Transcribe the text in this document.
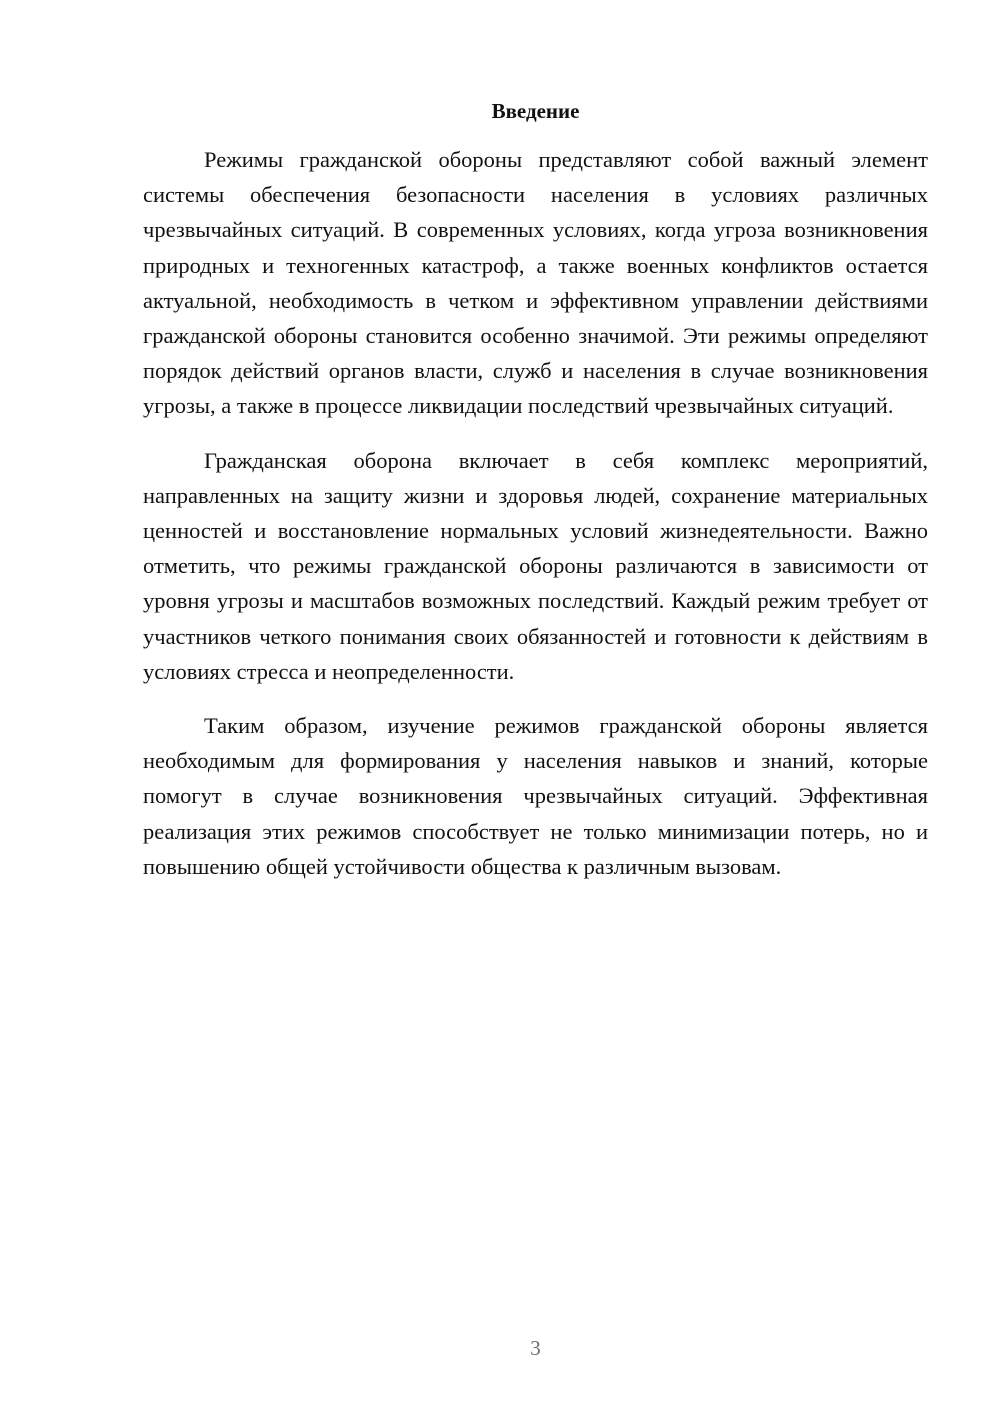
Введение

Режимы гражданской обороны представляют собой важный элемент системы обеспечения безопасности населения в условиях различных чрезвычайных ситуаций. В современных условиях, когда угроза возникновения природных и техногенных катастроф, а также военных конфликтов остается актуальной, необходимость в четком и эффективном управлении действиями гражданской обороны становится особенно значимой. Эти режимы определяют порядок действий органов власти, служб и населения в случае возникновения угрозы, а также в процессе ликвидации последствий чрезвычайных ситуаций.

Гражданская оборона включает в себя комплекс мероприятий, направленных на защиту жизни и здоровья людей, сохранение материальных ценностей и восстановление нормальных условий жизнедеятельности. Важно отметить, что режимы гражданской обороны различаются в зависимости от уровня угрозы и масштабов возможных последствий. Каждый режим требует от участников четкого понимания своих обязанностей и готовности к действиям в условиях стресса и неопределенности.

Таким образом, изучение режимов гражданской обороны является необходимым для формирования у населения навыков и знаний, которые помогут в случае возникновения чрезвычайных ситуаций. Эффективная реализация этих режимов способствует не только минимизации потерь, но и повышению общей устойчивости общества к различным вызовам.

3
